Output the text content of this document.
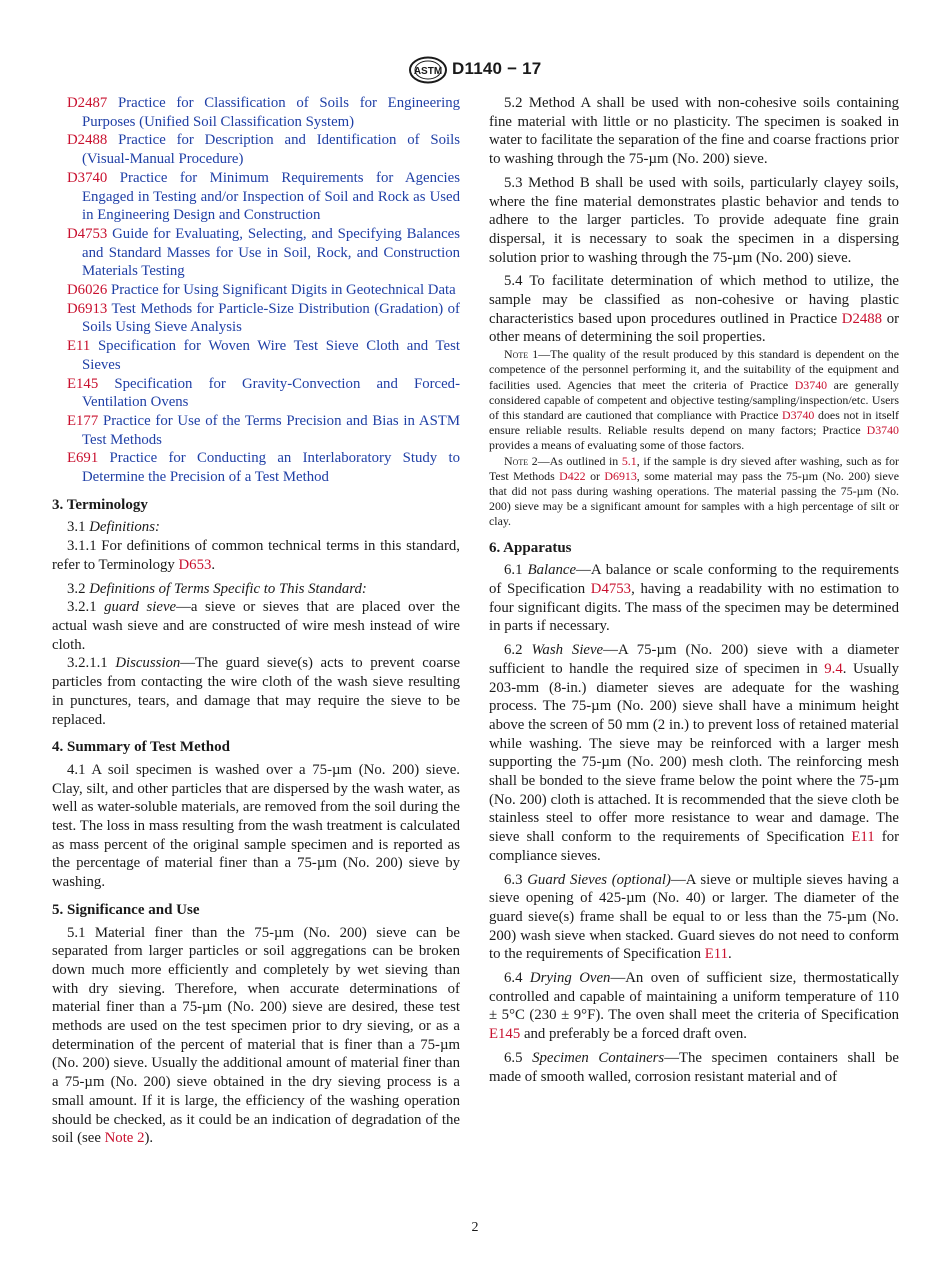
ASTM D1140 − 17

D2487 Practice for Classification of Soils for Engineering Purposes (Unified Soil Classification System)

D2488 Practice for Description and Identification of Soils (Visual-Manual Procedure)

D3740 Practice for Minimum Requirements for Agencies Engaged in Testing and/or Inspection of Soil and Rock as Used in Engineering Design and Construction

D4753 Guide for Evaluating, Selecting, and Specifying Balances and Standard Masses for Use in Soil, Rock, and Construction Materials Testing

D6026 Practice for Using Significant Digits in Geotechnical Data

D6913 Test Methods for Particle-Size Distribution (Gradation) of Soils Using Sieve Analysis

E11 Specification for Woven Wire Test Sieve Cloth and Test Sieves

E145 Specification for Gravity-Convection and Forced-Ventilation Ovens

E177 Practice for Use of the Terms Precision and Bias in ASTM Test Methods

E691 Practice for Conducting an Interlaboratory Study to Determine the Precision of a Test Method

3. Terminology

3.1 Definitions:

3.1.1 For definitions of common technical terms in this standard, refer to Terminology D653.

3.2 Definitions of Terms Specific to This Standard:

3.2.1 guard sieve—a sieve or sieves that are placed over the actual wash sieve and are constructed of wire mesh instead of wire cloth.

3.2.1.1 Discussion—The guard sieve(s) acts to prevent coarse particles from contacting the wire cloth of the wash sieve resulting in punctures, tears, and damage that may require the sieve to be replaced.

4. Summary of Test Method

4.1 A soil specimen is washed over a 75-µm (No. 200) sieve. Clay, silt, and other particles that are dispersed by the wash water, as well as water-soluble materials, are removed from the soil during the test. The loss in mass resulting from the wash treatment is calculated as mass percent of the original sample specimen and is reported as the percentage of material finer than a 75-µm (No. 200) sieve by washing.

5. Significance and Use

5.1 Material finer than the 75-µm (No. 200) sieve can be separated from larger particles or soil aggregations can be broken down much more efficiently and completely by wet sieving than with dry sieving. Therefore, when accurate determinations of material finer than a 75-µm (No. 200) sieve are desired, these test methods are used on the test specimen prior to dry sieving, or as a determination of the percent of material that is finer than a 75-µm (No. 200) sieve. Usually the additional amount of material finer than a 75-µm (No. 200) sieve obtained in the dry sieving process is a small amount. If it is large, the efficiency of the washing operation should be checked, as it could be an indication of degradation of the soil (see Note 2).

5.2 Method A shall be used with non-cohesive soils containing fine material with little or no plasticity. The specimen is soaked in water to facilitate the separation of the fine and coarse fractions prior to washing through the 75-µm (No. 200) sieve.

5.3 Method B shall be used with soils, particularly clayey soils, where the fine material demonstrates plastic behavior and tends to adhere to the larger particles. To provide adequate fine grain dispersal, it is necessary to soak the specimen in a dispersing solution prior to washing through the 75-µm (No. 200) sieve.

5.4 To facilitate determination of which method to utilize, the sample may be classified as non-cohesive or having plastic characteristics based upon procedures outlined in Practice D2488 or other means of determining the soil properties.

Note 1—The quality of the result produced by this standard is dependent on the competence of the personnel performing it, and the suitability of the equipment and facilities used. Agencies that meet the criteria of Practice D3740 are generally considered capable of competent and objective testing/sampling/inspection/etc. Users of this standard are cautioned that compliance with Practice D3740 does not in itself ensure reliable results. Reliable results depend on many factors; Practice D3740 provides a means of evaluating some of those factors.

Note 2—As outlined in 5.1, if the sample is dry sieved after washing, such as for Test Methods D422 or D6913, some material may pass the 75-µm (No. 200) sieve that did not pass during washing operations. The material passing the 75-µm (No. 200) sieve may be a significant amount for samples with a high percentage of silt or clay.

6. Apparatus

6.1 Balance—A balance or scale conforming to the requirements of Specification D4753, having a readability with no estimation to four significant digits. The mass of the specimen may be determined in parts if necessary.

6.2 Wash Sieve—A 75-µm (No. 200) sieve with a diameter sufficient to handle the required size of specimen in 9.4. Usually 203-mm (8-in.) diameter sieves are adequate for the washing process. The 75-µm (No. 200) sieve shall have a minimum height above the screen of 50 mm (2 in.) to prevent loss of retained material while washing. The sieve may be reinforced with a larger mesh supporting the 75-µm (No. 200) mesh cloth. The reinforcing mesh shall be bonded to the sieve frame below the point where the 75-µm (No. 200) cloth is attached. It is recommended that the sieve cloth be stainless steel to offer more resistance to wear and damage. The sieve shall conform to the requirements of Specification E11 for compliance sieves.

6.3 Guard Sieves (optional)—A sieve or multiple sieves having a sieve opening of 425-µm (No. 40) or larger. The diameter of the guard sieve(s) frame shall be equal to or less than the 75-µm (No. 200) wash sieve when stacked. Guard sieves do not need to conform to the requirements of Specification E11.

6.4 Drying Oven—An oven of sufficient size, thermostatically controlled and capable of maintaining a uniform temperature of 110 ± 5°C (230 ± 9°F). The oven shall meet the criteria of Specification E145 and preferably be a forced draft oven.

6.5 Specimen Containers—The specimen containers shall be made of smooth walled, corrosion resistant material and of

2
